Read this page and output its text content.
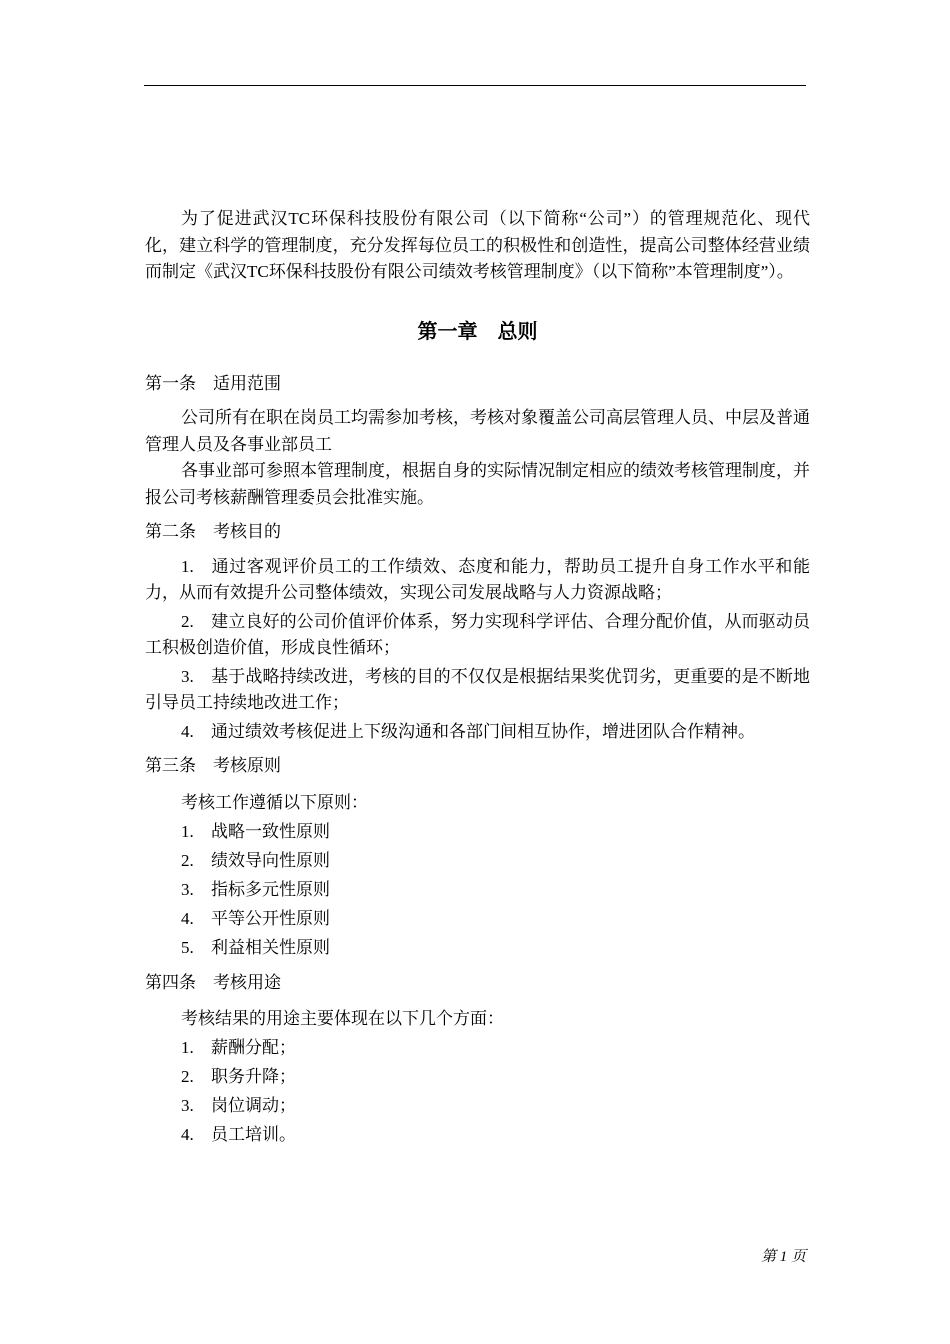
为了促进武汉TC环保科技股份有限公司（以下简称“公司”）的管理规范化、现代化，建立科学的管理制度，充分发挥每位员工的积极性和创造性，提高公司整体经营业绩而制定《武汉TC环保科技股份有限公司绩效考核管理制度》（以下简称”本管理制度”）。

第一章    总则
第一条    适用范围

公司所有在职在岗员工均需参加考核，考核对象覆盖公司高层管理人员、中层及普通管理人员及各事业部员工

各事业部可参照本管理制度，根据自身的实际情况制定相应的绩效考核管理制度，并报公司考核薪酬管理委员会批准实施。

第二条    考核目的

1. 通过客观评价员工的工作绩效、态度和能力，帮助员工提升自身工作水平和能力，从而有效提升公司整体绩效，实现公司发展战略与人力资源战略；

2. 建立良好的公司价值评价体系，努力实现科学评估、合理分配价值，从而驱动员工积极创造价值，形成良性循环；

3. 基于战略持续改进，考核的目的不仅仅是根据结果奖优罚劣，更重要的是不断地引导员工持续地改进工作；

4. 通过绩效考核促进上下级沟通和各部门间相互协作，增进团队合作精神。

第三条    考核原则

考核工作遵循以下原则：

1. 战略一致性原则
2. 绩效导向性原则
3. 指标多元性原则
4. 平等公开性原则
5. 利益相关性原则
第四条    考核用途

考核结果的用途主要体现在以下几个方面：

1. 薪酬分配；
2. 职务升降；
3. 岗位调动；
4. 员工培训。
第 1 页
